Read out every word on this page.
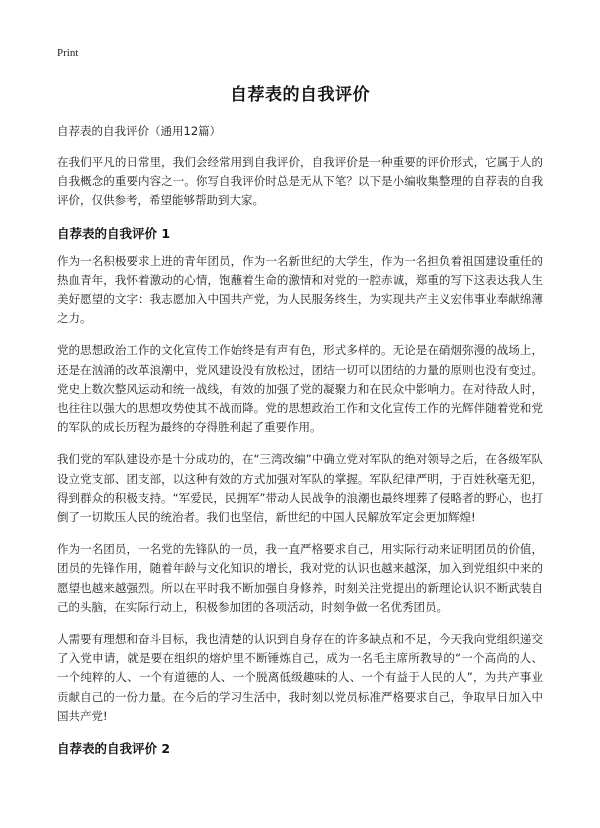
Print
自荐表的自我评价
自荐表的自我评价（通用12篇）

在我们平凡的日常里，我们会经常用到自我评价，自我评价是一种重要的评价形式，它属于人的自我概念的重要内容之一。你写自我评价时总是无从下笔？以下是小编收集整理的自荐表的自我评价，仅供参考，希望能够帮助到大家。

自荐表的自我评价 1

作为一名积极要求上进的青年团员，作为一名新世纪的大学生，作为一名担负着祖国建设重任的热血青年，我怀着激动的心情，饱蘸着生命的激情和对党的一腔赤诚，郑重的写下这表达我人生美好愿望的文字：我志愿加入中国共产党，为人民服务终生，为实现共产主义宏伟事业奉献绵薄之力。

党的思想政治工作的文化宣传工作始终是有声有色，形式多样的。无论是在硝烟弥漫的战场上，还是在汹涌的改革浪潮中，党风建设没有放松过，团结一切可以团结的力量的原则也没有变过。党史上数次整风运动和统一战线，有效的加强了党的凝聚力和在民众中影响力。在对待敌人时，也往往以强大的思想攻势使其不战而降。党的思想政治工作和文化宣传工作的光辉伴随着党和党的军队的成长历程为最终的夺得胜利起了重要作用。

我们党的军队建设亦是十分成功的，在“三湾改编”中确立党对军队的绝对领导之后，在各级军队设立党支部、团支部，以这种有效的方式加强对军队的掌握。军队纪律严明，于百姓秋毫无犯，得到群众的积极支持。“军爱民，民拥军”带动人民战争的浪潮也最终埋葬了侵略者的野心，也打倒了一切欺压人民的统治者。我们也坚信，新世纪的中国人民解放军定会更加辉煌!

作为一名团员，一名党的先锋队的一员，我一直严格要求自己，用实际行动来证明团员的价值，团员的先锋作用，随着年龄与文化知识的增长，我对党的认识也越来越深，加入到党组织中来的愿望也越来越强烈。所以在平时我不断加强自身修养，时刻关注党提出的新理论认识不断武装自己的头脑，在实际行动上，积极参加团的各项活动，时刻争做一名优秀团员。

人需要有理想和奋斗目标，我也清楚的认识到自身存在的许多缺点和不足，今天我向党组织递交了入党申请，就是要在组织的熔炉里不断锤炼自己，成为一名毛主席所教导的“一个高尚的人、一个纯粹的人、一个有道德的人、一个脱离低级趣味的人、一个有益于人民的人”，为共产事业贡献自己的一份力量。在今后的学习生活中，我时刻以党员标准严格要求自己，争取早日加入中国共产党!

自荐表的自我评价 2
